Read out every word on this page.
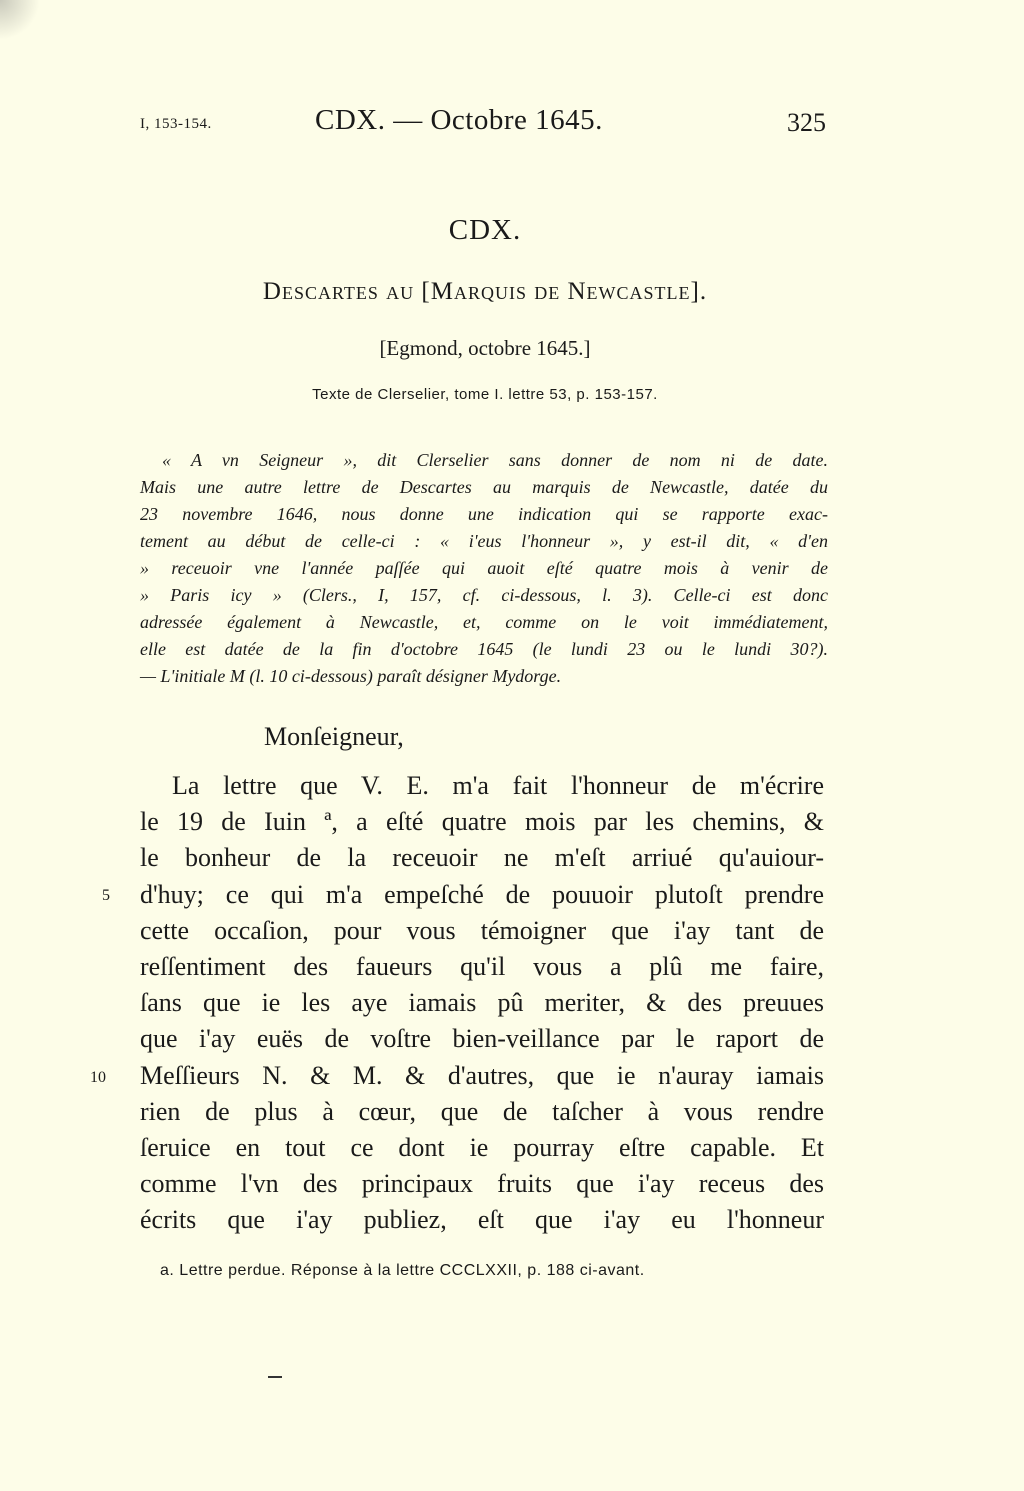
I, 153-154.	CDX. — Octobre 1645.	325
CDX.
Descartes au [Marquis de Newcastle].
[Egmond, octobre 1645.]
Texte de Clerselier, tome I. lettre 53, p. 153-157.
« A vn Seigneur », dit Clerselier sans donner de nom ni de date.
Mais une autre lettre de Descartes au marquis de Newcastle, datée du
23 novembre 1646, nous donne une indication qui se rapporte exac-
tement au début de celle-ci : « i'eus l'honneur », y est-il dit, « d'en
» receuoir vne l'année paſſée qui auoit eſté quatre mois à venir de
» Paris icy » (Clers., I, 157, cf. ci-dessous, l. 3). Celle-ci est donc
adressée également à Newcastle, et, comme on le voit immédiatement,
elle est datée de la fin d'octobre 1645 (le lundi 23 ou le lundi 30?).
— L'initiale M (l. 10 ci-dessous) paraît désigner Mydorge.
Monſeigneur,
La lettre que V. E. m'a fait l'honneur de m'écrire
le 19 de Iuin ª, a eſté quatre mois par les chemins, &
le bonheur de la receuoir ne m'eſt arriué qu'auiour-
d'huy; ce qui m'a empeſché de pouuoir plutoſt prendre
cette occaſion, pour vous témoigner que i'ay tant de
reſſentiment des faueurs qu'il vous a plû me faire,
ſans que ie les aye iamais pû meriter, & des preuues
que i'ay euës de voſtre bien-veillance par le raport de
Meſſieurs N. & M. & d'autres, que ie n'auray iamais
rien de plus à cœur, que de taſcher à vous rendre
ſeruice en tout ce dont ie pourray eſtre capable. Et
comme l'vn des principaux fruits que i'ay receus des
écrits que i'ay publiez, eſt que i'ay eu l'honneur
5
10
a. Lettre perdue. Réponse à la lettre CCCLXXII, p. 188 ci-avant.
